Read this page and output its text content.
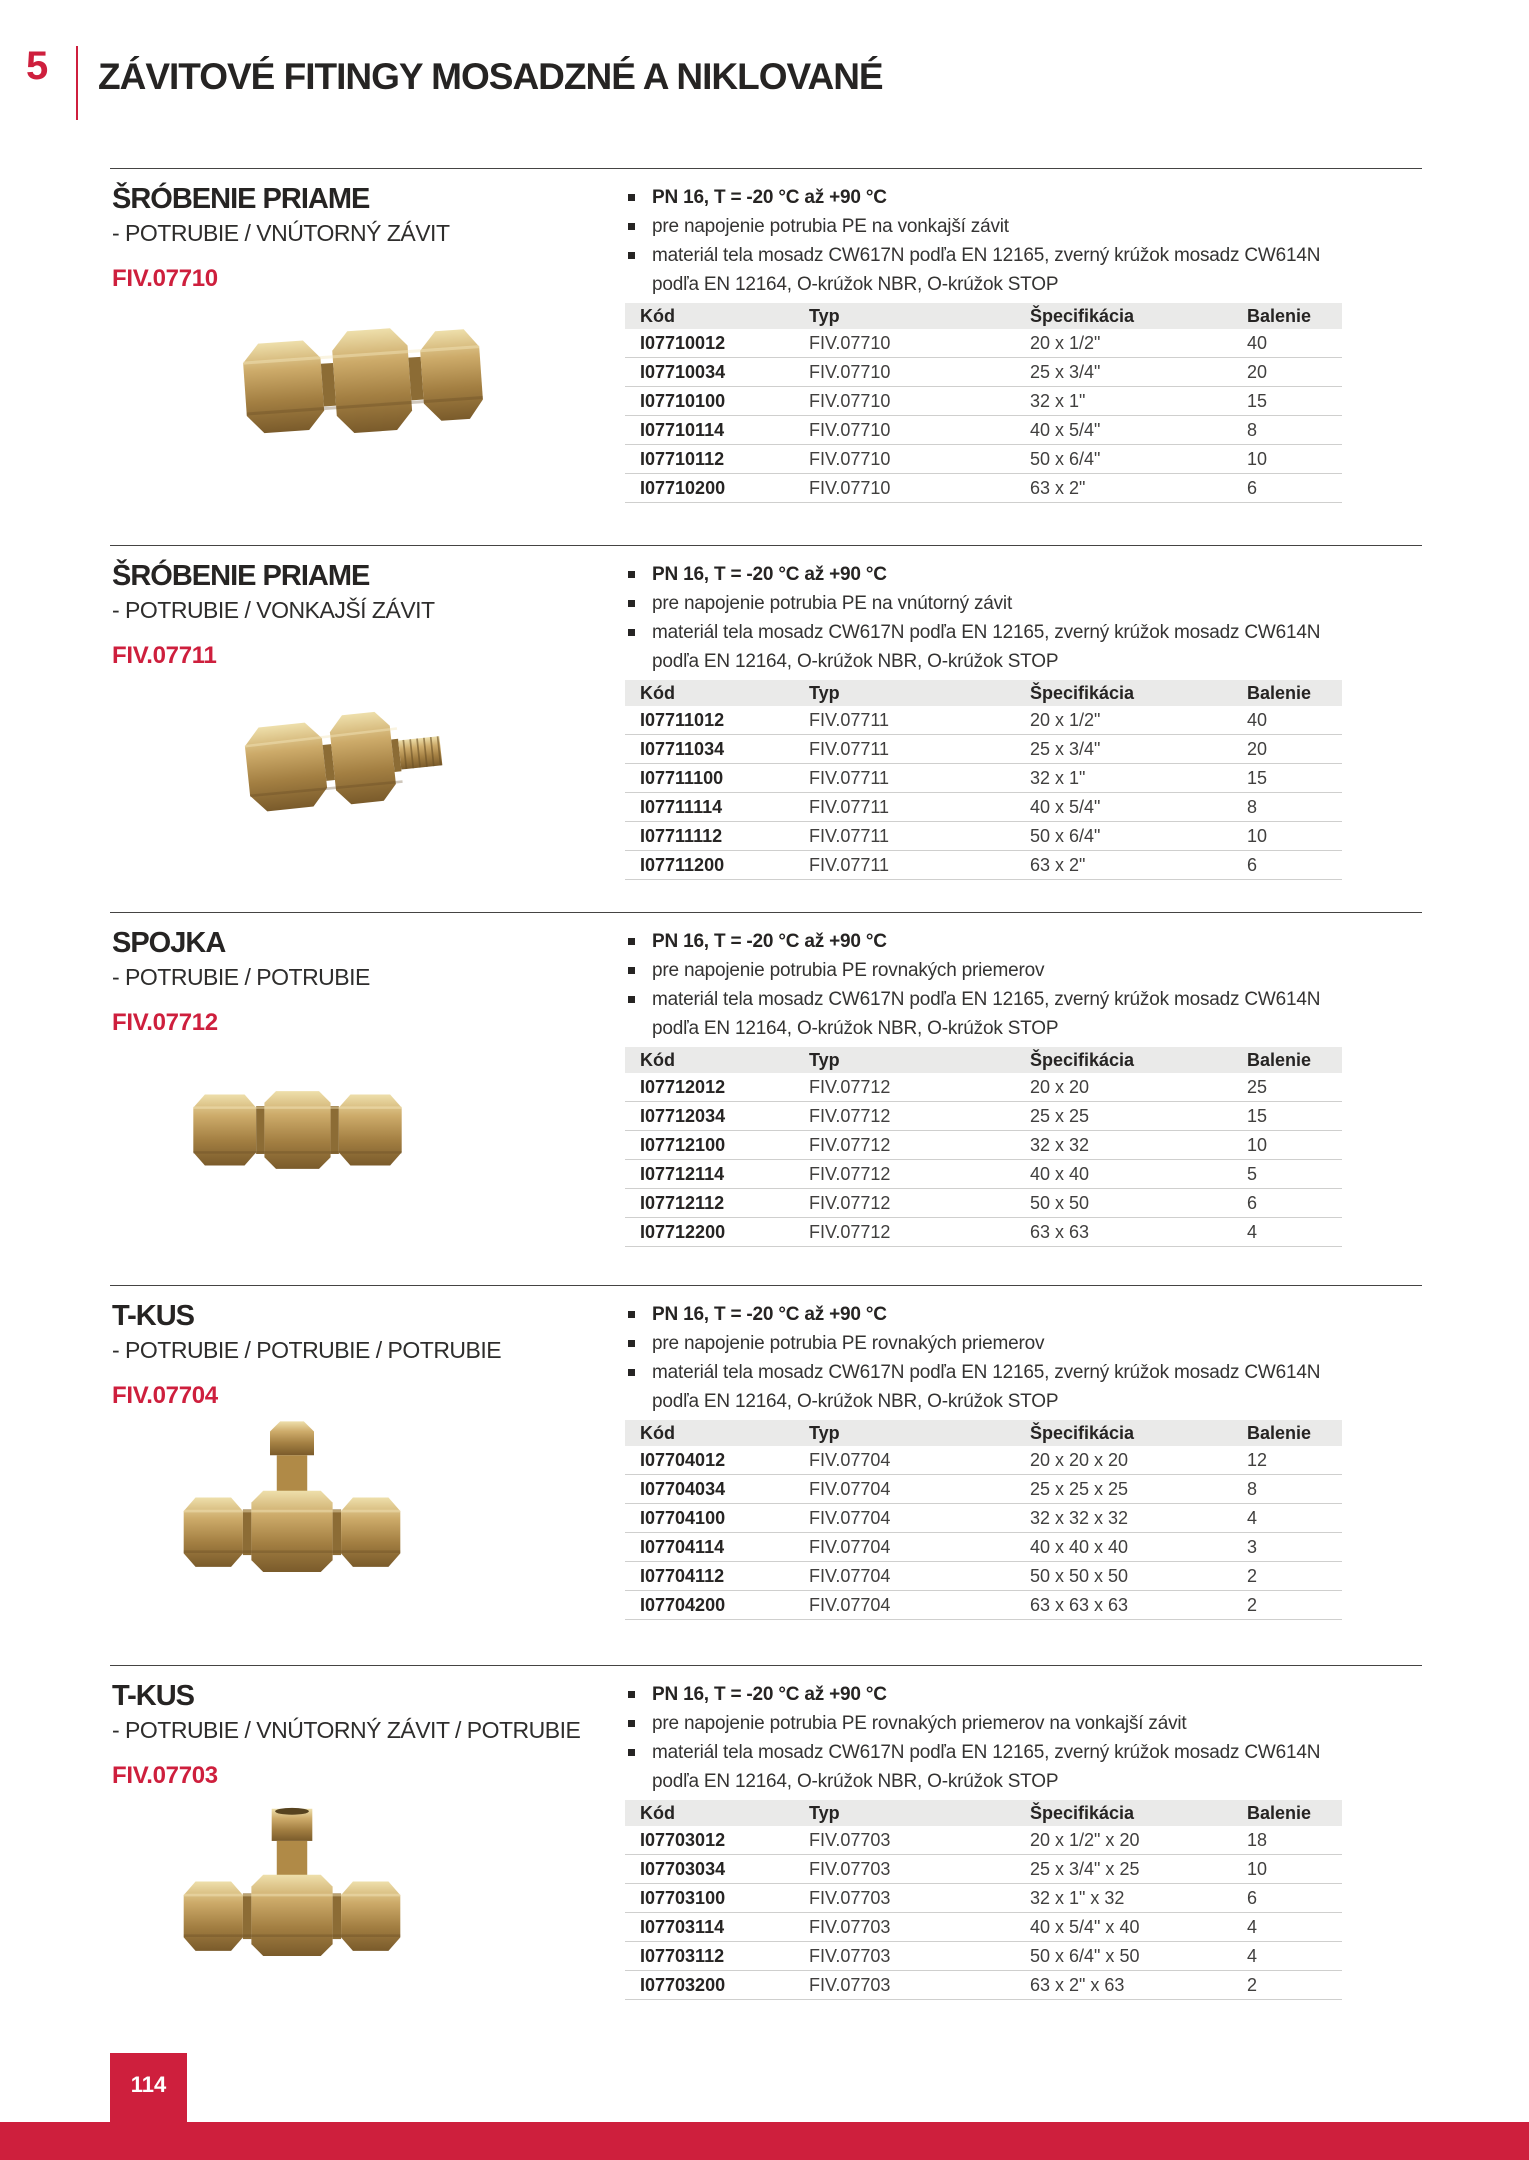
5 ZÁVITOVÉ FITINGY MOSADZNÉ A NIKLOVANÉ
ŠRÓBENIE PRIAME
- POTRUBIE / VNÚTORNÝ ZÁVIT
FIV.07710
PN 16, T = -20 °C až +90 °C
pre napojenie potrubia PE na vonkajší závit
materiál tela mosadz CW617N podľa EN 12165, zverný krúžok mosadz CW614N podľa EN 12164, O-krúžok NBR, O-krúžok STOP
Kód	Typ	Špecifikácia	Balenie
I07710012	FIV.07710	20 x 1/2"	40
I07710034	FIV.07710	25 x 3/4"	20
I07710100	FIV.07710	32 x 1"	15
I07710114	FIV.07710	40 x 5/4"	8
I07710112	FIV.07710	50 x 6/4"	10
I07710200	FIV.07710	63 x 2"	6
ŠRÓBENIE PRIAME
- POTRUBIE / VONKAJŠÍ ZÁVIT
FIV.07711
PN 16, T = -20 °C až +90 °C
pre napojenie potrubia PE na vnútorný závit
materiál tela mosadz CW617N podľa EN 12165, zverný krúžok mosadz CW614N podľa EN 12164, O-krúžok NBR, O-krúžok STOP
Kód	Typ	Špecifikácia	Balenie
I07711012	FIV.07711	20 x 1/2"	40
I07711034	FIV.07711	25 x 3/4"	20
I07711100	FIV.07711	32 x 1"	15
I07711114	FIV.07711	40 x 5/4"	8
I07711112	FIV.07711	50 x 6/4"	10
I07711200	FIV.07711	63 x 2"	6
SPOJKA
- POTRUBIE / POTRUBIE
FIV.07712
PN 16, T = -20 °C až +90 °C
pre napojenie potrubia PE rovnakých priemerov
materiál tela mosadz CW617N podľa EN 12165, zverný krúžok mosadz CW614N podľa EN 12164, O-krúžok NBR, O-krúžok STOP
Kód	Typ	Špecifikácia	Balenie
I07712012	FIV.07712	20 x 20	25
I07712034	FIV.07712	25 x 25	15
I07712100	FIV.07712	32 x 32	10
I07712114	FIV.07712	40 x 40	5
I07712112	FIV.07712	50 x 50	6
I07712200	FIV.07712	63 x 63	4
T-KUS
- POTRUBIE / POTRUBIE / POTRUBIE
FIV.07704
PN 16, T = -20 °C až +90 °C
pre napojenie potrubia PE rovnakých priemerov
materiál tela mosadz CW617N podľa EN 12165, zverný krúžok mosadz CW614N podľa EN 12164, O-krúžok NBR, O-krúžok STOP
Kód	Typ	Špecifikácia	Balenie
I07704012	FIV.07704	20 x 20 x 20	12
I07704034	FIV.07704	25 x 25 x 25	8
I07704100	FIV.07704	32 x 32 x 32	4
I07704114	FIV.07704	40 x 40 x 40	3
I07704112	FIV.07704	50 x 50 x 50	2
I07704200	FIV.07704	63 x 63 x 63	2
T-KUS
- POTRUBIE / VNÚTORNÝ ZÁVIT / POTRUBIE
FIV.07703
PN 16, T = -20 °C až +90 °C
pre napojenie potrubia PE rovnakých priemerov na vonkajší závit
materiál tela mosadz CW617N podľa EN 12165, zverný krúžok mosadz CW614N podľa EN 12164, O-krúžok NBR, O-krúžok STOP
Kód	Typ	Špecifikácia	Balenie
I07703012	FIV.07703	20 x 1/2" x 20	18
I07703034	FIV.07703	25 x 3/4" x 25	10
I07703100	FIV.07703	32 x 1" x 32	6
I07703114	FIV.07703	40 x 5/4" x 40	4
I07703112	FIV.07703	50 x 6/4" x 50	4
I07703200	FIV.07703	63 x 2" x 63	2
114
